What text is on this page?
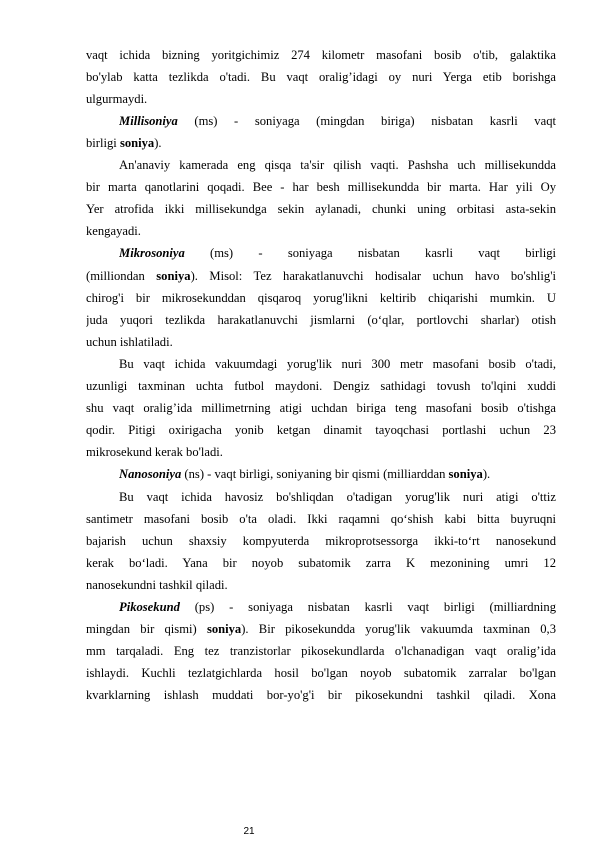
vaqt ichida bizning yoritgichimiz 274 kilometr masofani bosib o'tib, galaktika
bo'ylab katta tezlikda o'tadi. Bu vaqt oralig’idagi oy nuri Yerga etib borishga
ulgurmaydi.
Millisoniya (ms) - soniyaga (mingdan biriga) nisbatan kasrli vaqt
birligi soniya).
An'anaviy kamerada eng qisqa ta'sir qilish vaqti. Pashsha uch millisekundda
bir marta qanotlarini qoqadi. Bee - har besh millisekundda bir marta. Har yili Oy
Yer atrofida ikki millisekundga sekin aylanadi, chunki uning orbitasi asta-sekin
kengayadi.
Mikrosoniya (ms) - soniyaga nisbatan kasrli vaqt birligi
(milliondan soniya). Misol: Tez harakatlanuvchi hodisalar uchun havo bo'shlig'i
chirog'i bir mikrosekunddan qisqaroq yorug'likni keltirib chiqarishi mumkin. U
juda yuqori tezlikda harakatlanuvchi jismlarni (o‘qlar, portlovchi sharlar) otish
uchun ishlatiladi.
Bu vaqt ichida vakuumdagi yorug'lik nuri 300 metr masofani bosib o'tadi,
uzunligi taxminan uchta futbol maydoni. Dengiz sathidagi tovush to'lqini xuddi
shu vaqt oralig’ida millimetrning atigi uchdan biriga teng masofani bosib o'tishga
qodir. Pitigi oxirigacha yonib ketgan dinamit tayoqchasi portlashi uchun 23
mikrosekund kerak bo'ladi.
Nanosoniya (ns) - vaqt birligi, soniyaning bir qismi (milliarddan soniya).
Bu vaqt ichida havosiz bo'shliqdan o'tadigan yorug'lik nuri atigi o'ttiz
santimetr masofani bosib o'ta oladi. Ikki raqamni qo‘shish kabi bitta buyruqni
bajarish uchun shaxsiy kompyuterda mikroprotsessorga ikki-to‘rt nanosekund
kerak bo‘ladi. Yana bir noyob subatomik zarra K mezonining umri 12
nanosekundni tashkil qiladi.
Pikosekund (ps) - soniyaga nisbatan kasrli vaqt birligi (milliardning
mingdan bir qismi) soniya). Bir pikosekundda yorug'lik vakuumda taxminan 0,3
mm tarqaladi. Eng tez tranzistorlar pikosekundlarda o'lchanadigan vaqt oralig’ida
ishlaydi. Kuchli tezlatgichlarda hosil bo'lgan noyob subatomik zarralar bo'lgan
kvarklarning ishlash muddati bor-yo'g'i bir pikosekundni tashkil qiladi. Xona
21
